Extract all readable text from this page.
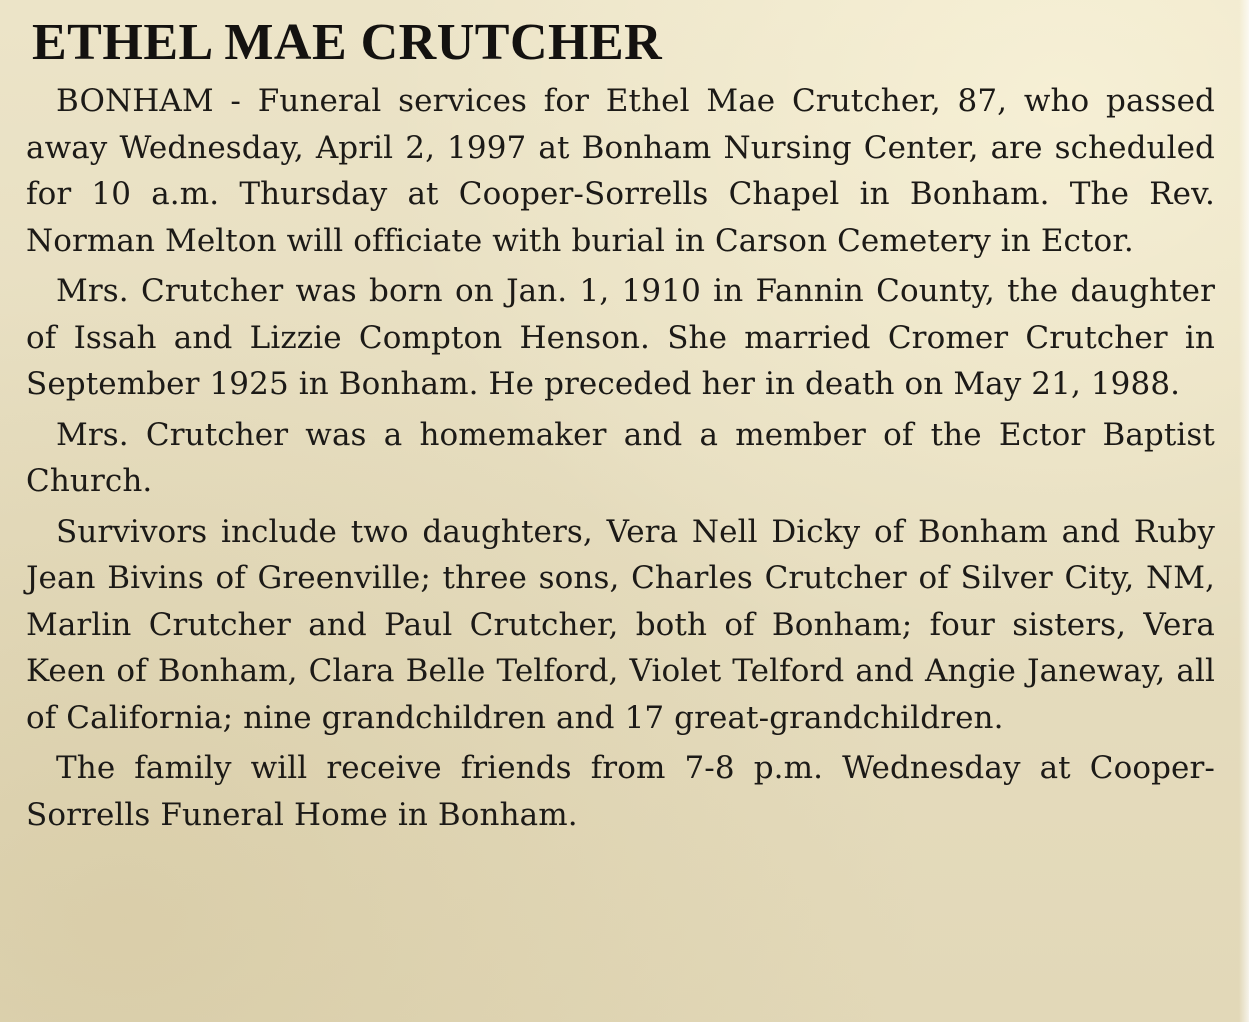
ETHEL MAE CRUTCHER

BONHAM - Funeral services for Ethel Mae Crutcher, 87, who passed away Wednesday, April 2, 1997 at Bonham Nursing Center, are scheduled for 10 a.m. Thursday at Cooper-Sorrells Chapel in Bonham. The Rev. Norman Melton will officiate with burial in Carson Cemetery in Ector.

Mrs. Crutcher was born on Jan. 1, 1910 in Fannin County, the daughter of Issah and Lizzie Compton Henson. She married Cromer Crutcher in September 1925 in Bonham. He preceded her in death on May 21, 1988.

Mrs. Crutcher was a homemaker and a member of the Ector Baptist Church.

Survivors include two daughters, Vera Nell Dicky of Bonham and Ruby Jean Bivins of Greenville; three sons, Charles Crutcher of Silver City, NM, Marlin Crutcher and Paul Crutcher, both of Bonham; four sisters, Vera Keen of Bonham, Clara Belle Telford, Violet Telford and Angie Janeway, all of California; nine grandchildren and 17 great-grandchildren.

The family will receive friends from 7-8 p.m. Wednesday at Cooper-Sorrells Funeral Home in Bonham.
